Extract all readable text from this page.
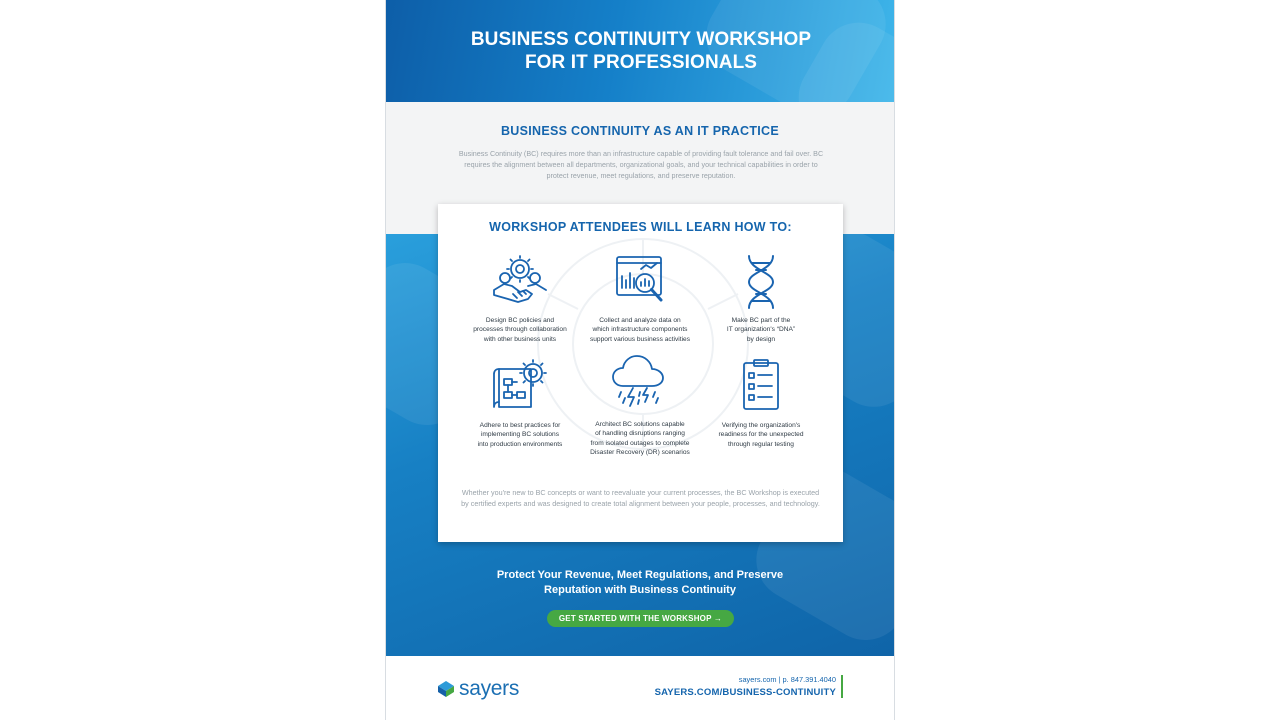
BUSINESS CONTINUITY WORKSHOP
FOR IT PROFESSIONALS
BUSINESS CONTINUITY AS AN IT PRACTICE
Business Continuity (BC) requires more than an infrastructure capable of providing fault tolerance and fail over. BC requires the alignment between all departments, organizational goals, and your technical capabilities in order to protect revenue, meet regulations, and preserve reputation.
WORKSHOP ATTENDEES WILL LEARN HOW TO:
Design BC policies and
processes through collaboration
with other business units
Collect and analyze data on
which infrastructure components
support various business activities
Make BC part of the
IT organization's “DNA”
by design
Adhere to best practices for
implementing BC solutions
into production environments
Architect BC solutions capable
of handling disruptions ranging
from isolated outages to complete
Disaster Recovery (DR) scenarios
Verifying the organization's
readiness for the unexpected
through regular testing
Whether you're new to BC concepts or want to reevaluate your current processes, the BC Workshop is executed by certified experts and was designed to create total alignment between your people, processes, and technology.
Protect Your Revenue, Meet Regulations, and Preserve
Reputation with Business Continuity
GET STARTED WITH THE WORKSHOP →
sayers	sayers.com | p. 847.391.4040
SAYERS.COM/BUSINESS-CONTINUITY
